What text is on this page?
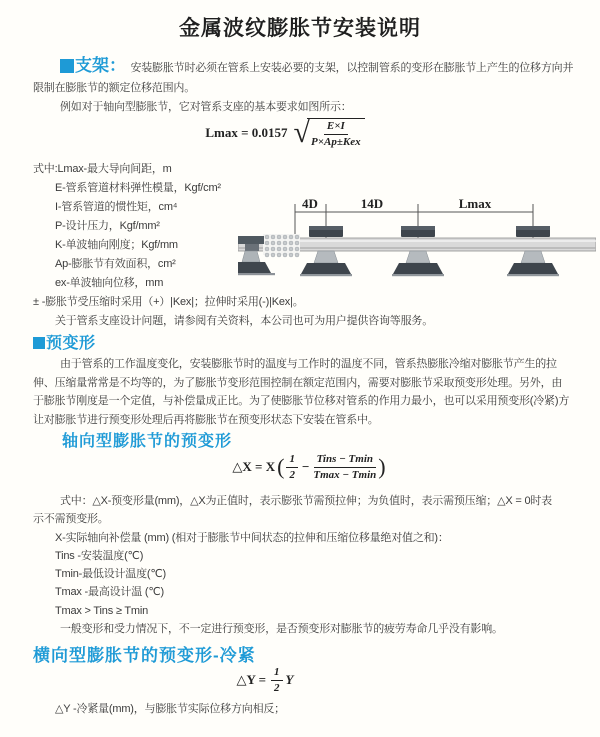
金属波纹膨胀节安装说明
支架： 安装膨胀节时必须在管系上安装必要的支架，以控制管系的变形在膨胀节上产生的位移方向并
限制在膨胀节的额定位移范围内。
例如对于轴向型膨胀节，它对管系支座的基本要求如图所示：
Lmax = 0.0157 √ $\frac{E\times I}{\text{P×Ap±Kex}}$
式中:Lmax-最大导向间距，m
E-管系管道材料弹性模量，Kgf/cm²
I-管系管道的惯性矩，cm⁴
P-设计压力，Kgf/mm²
K-单波轴向刚度；Kgf/mm
Ap-膨胀节有效面积，cm²
ex-单波轴向位移，mm
± -膨胀节受压缩时采用（+）|Kex|；拉伸时采用(-)|Kex|。
关于管系支座设计问题，请参阅有关资料，本公司也可为用户提供咨询等服务。
4D	14D	Lmax
预变形
由于管系的工作温度变化，安装膨胀节时的温度与工作时的温度不同，管系热膨胀冷缩对膨胀节产生的拉
伸、压缩量常常是不均等的，为了膨胀节变形范围控制在额定范围内，需要对膨胀节采取预变形处理。另外，由
于膨胀节刚度是一个定值，与补偿量成正比。为了使膨胀节位移对管系的作用力最小，也可以采用预变形(冷紧)方
让对膨胀节进行预变形处理后再将膨胀节在预变形状态下安装在管系中。
轴向型膨胀节的预变形
△X = X ( $\frac{1}{2} - \frac{\text{Tins − Tmin}}{Tmax - Tmin}$ )
式中：△X-预变形量(mm)，△X为正值时，表示膨张节需预拉伸；为负值时，表示需预压缩；△X = 0时表
示不需预变形。
X-实际轴向补偿量 (mm) (相对于膨胀节中间状态的拉伸和压缩位移量绝对值之和)：
Tins -安装温度(℃)
Tmin-最低设计温度(℃)
Tmax -最高设计温 (℃)
Tmax > Tins ≥ Tmin
一般变形和受力情况下，不一定进行预变形，是否预变形对膨胀节的疲劳寿命几乎没有影响。
横向型膨胀节的预变形-冷紧
△Y = $\frac{1}{2}$ Y
△Y -冷紧量(mm)，与膨胀节实际位移方向相反；
